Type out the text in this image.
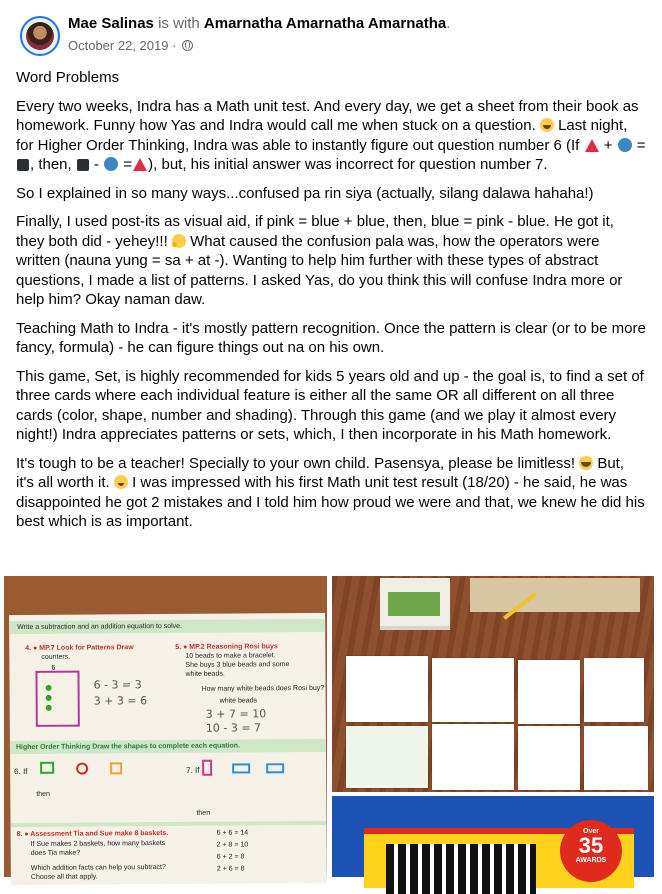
Mae Salinas is with Amarnatha Amarnatha Amarnatha.
October 22, 2019 ·

Word Problems

Every two weeks, Indra has a Math unit test. And every day, we get a sheet from their book as homework. Funny how Yas and Indra would call me when stuck on a question.  Last night, for Higher Order Thinking, Indra was able to instantly figure out question number 6 (If  +  = , then,  -  = ), but, his initial answer was incorrect for question number 7.

So I explained in so many ways...confused pa rin siya (actually, silang dalawa hahaha!)

Finally, I used post-its as visual aid, if pink = blue + blue, then, blue = pink - blue. He got it, they both did - yehey!!!  What caused the confusion pala was, how the operators were written (nauna yung = sa + at -). Wanting to help him further with these types of abstract questions, I made a list of patterns. I asked Yas, do you think this will confuse Indra more or help him? Okay naman daw.

Teaching Math to Indra - it's mostly pattern recognition. Once the pattern is clear (or to be more fancy, formula) - he can figure things out na on his own.

This game, Set, is highly recommended for kids 5 years old and up - the goal is, to find a set of three cards where each individual feature is either all the same OR all different on all three cards (color, shape, number and shading). Through this game (and we play it almost every night!) Indra appreciates patterns or sets, which, I then incorporate in his Math homework.

It's tough to be a teacher! Specially to your own child. Pasensya, please be limitless!  But, it's all worth it.  I was impressed with his first Math unit test result (18/20) - he said, he was disappointed he got 2 mistakes and I told him how proud we were and that, we knew he did his best which is as important.

Write a subtraction and an addition equation to solve.
4. ● MP.7 Look for Patterns Draw
counters.
5. ● MP.2 Reasoning Rosi buys
10 beads to make a bracelet.
She buys 3 blue beads and some
white beads.
How many white beads does Rosi buy?
white beads
6
6 - 3 = 3
3 + 3 = 6
3 + 7 = 10
10 - 3 = 7
Higher Order Thinking Draw the shapes to complete each equation.
6. If	7. If
then
then
8. ● Assessment Tia and Sue make 8 baskets.
If Sue makes 2 baskets, how many baskets
does Tia make?
Which addition facts can help you subtract?
Choose all that apply.
6 + 6 = 14
2 + 8 = 10
6 + 2 = 8
2 + 6 = 8
Over
35
AWARDS
